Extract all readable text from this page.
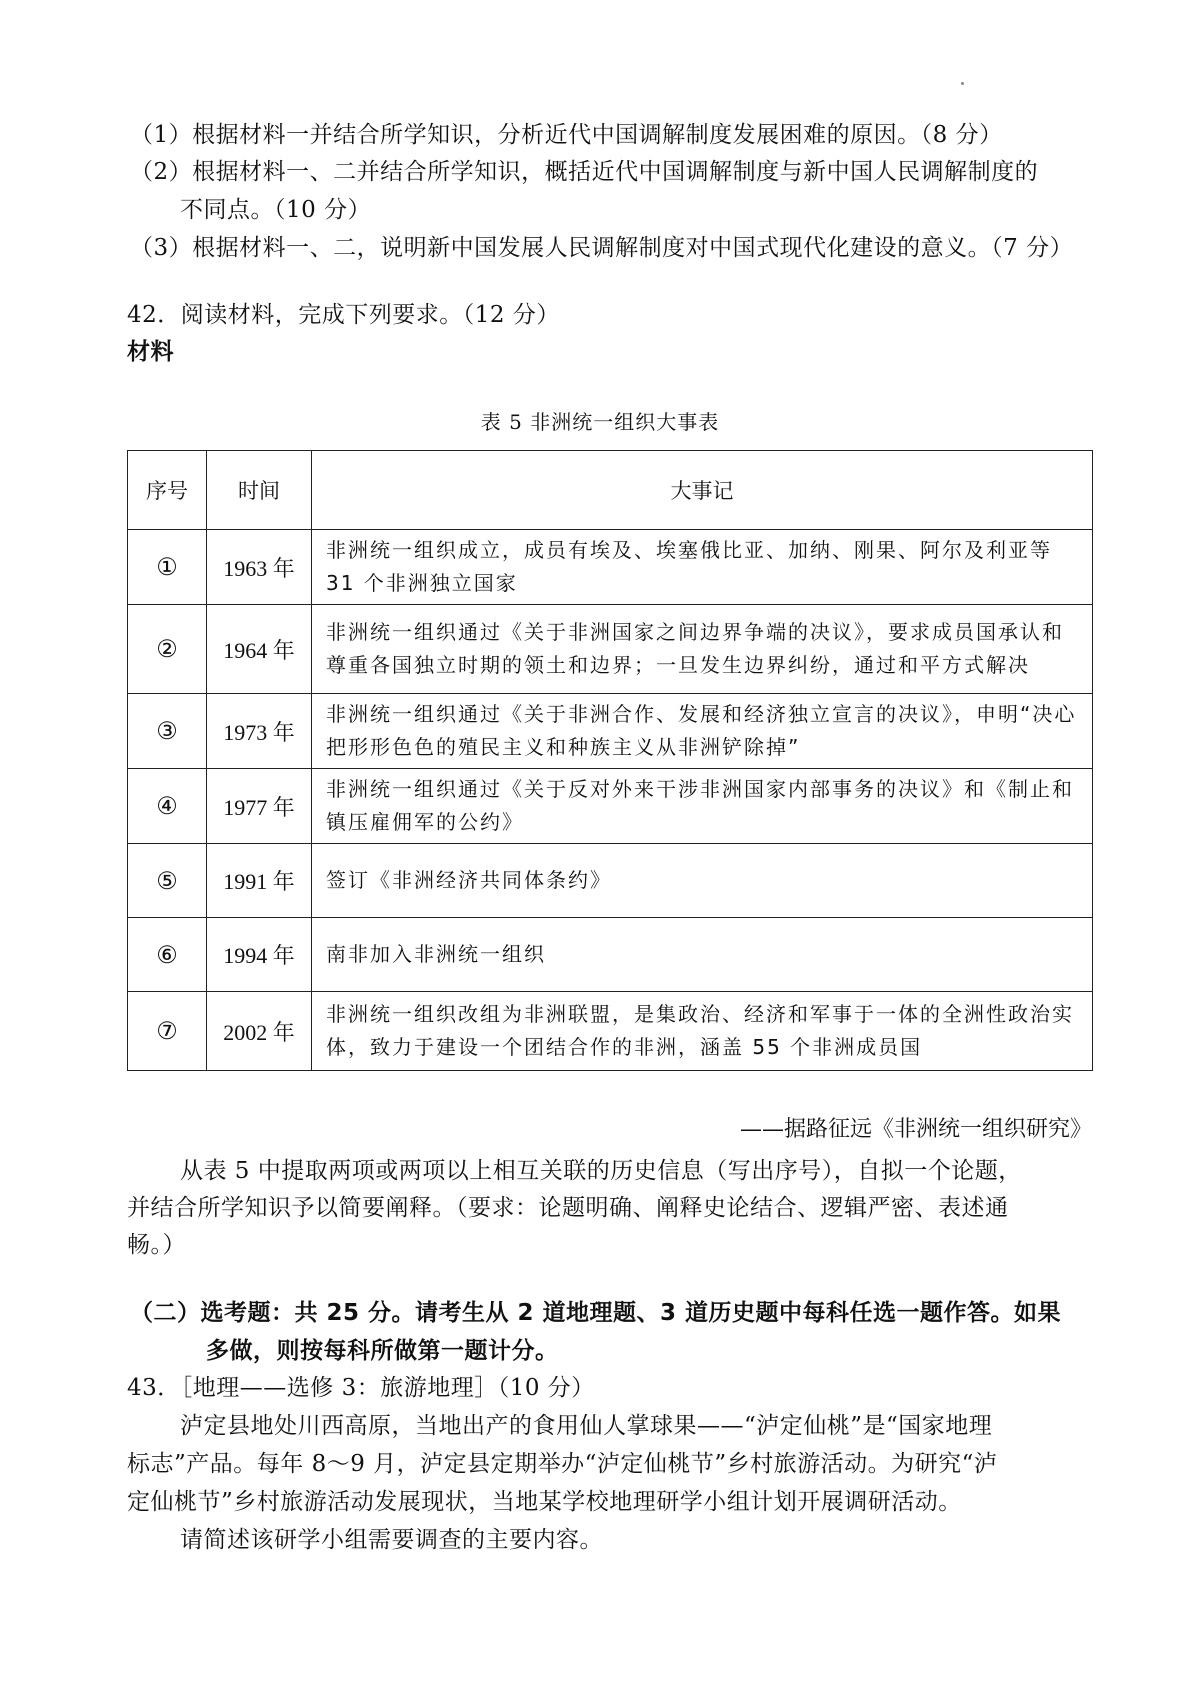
（1）根据材料一并结合所学知识，分析近代中国调解制度发展困难的原因。（8 分）
（2）根据材料一、二并结合所学知识，概括近代中国调解制度与新中国人民调解制度的
不同点。（10 分）
（3）根据材料一、二，说明新中国发展人民调解制度对中国式现代化建设的意义。（7 分）
42．阅读材料，完成下列要求。（12 分）
材料
表 5 非洲统一组织大事表
序号	时间	大事记
①	1963 年	非洲统一组织成立，成员有埃及、埃塞俄比亚、加纳、刚果、阿尔及利亚等 31 个非洲独立国家
②	1964 年	非洲统一组织通过《关于非洲国家之间边界争端的决议》，要求成员国承认和尊重各国独立时期的领土和边界；一旦发生边界纠纷，通过和平方式解决
③	1973 年	非洲统一组织通过《关于非洲合作、发展和经济独立宣言的决议》，申明“决心把形形色色的殖民主义和种族主义从非洲铲除掉”
④	1977 年	非洲统一组织通过《关于反对外来干涉非洲国家内部事务的决议》和《制止和镇压雇佣军的公约》
⑤	1991 年	签订《非洲经济共同体条约》
⑥	1994 年	南非加入非洲统一组织
⑦	2002 年	非洲统一组织改组为非洲联盟，是集政治、经济和军事于一体的全洲性政治实体，致力于建设一个团结合作的非洲，涵盖 55 个非洲成员国
——据路征远《非洲统一组织研究》
从表 5 中提取两项或两项以上相互关联的历史信息（写出序号），自拟一个论题，
并结合所学知识予以简要阐释。（要求：论题明确、阐释史论结合、逻辑严密、表述通
畅。）
（二）选考题：共 25 分。请考生从 2 道地理题、3 道历史题中每科任选一题作答。如果
多做，则按每科所做第一题计分。
43．［地理——选修 3：旅游地理］（10 分）
泸定县地处川西高原，当地出产的食用仙人掌球果——“泸定仙桃”是“国家地理
标志”产品。每年 8～9 月，泸定县定期举办“泸定仙桃节”乡村旅游活动。为研究“泸
定仙桃节”乡村旅游活动发展现状，当地某学校地理研学小组计划开展调研活动。
请简述该研学小组需要调查的主要内容。
